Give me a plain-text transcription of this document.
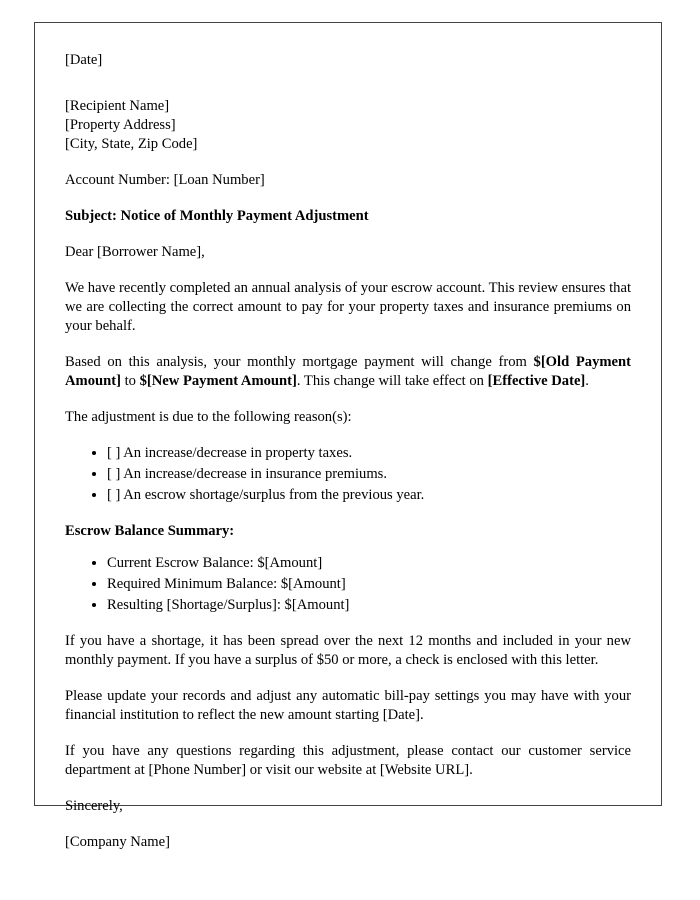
[Date]

[Recipient Name]
[Property Address]
[City, State, Zip Code]

Account Number: [Loan Number]

Subject: Notice of Monthly Payment Adjustment

Dear [Borrower Name],

We have recently completed an annual analysis of your escrow account. This review ensures that we are collecting the correct amount to pay for your property taxes and insurance premiums on your behalf.

Based on this analysis, your monthly mortgage payment will change from $[Old Payment Amount] to $[New Payment Amount]. This change will take effect on [Effective Date].

The adjustment is due to the following reason(s):

• [ ] An increase/decrease in property taxes.
• [ ] An increase/decrease in insurance premiums.
• [ ] An escrow shortage/surplus from the previous year.

Escrow Balance Summary:

• Current Escrow Balance: $[Amount]
• Required Minimum Balance: $[Amount]
• Resulting [Shortage/Surplus]: $[Amount]

If you have a shortage, it has been spread over the next 12 months and included in your new monthly payment. If you have a surplus of $50 or more, a check is enclosed with this letter.

Please update your records and adjust any automatic bill-pay settings you may have with your financial institution to reflect the new amount starting [Date].

If you have any questions regarding this adjustment, please contact our customer service department at [Phone Number] or visit our website at [Website URL].

Sincerely,

[Company Name]
